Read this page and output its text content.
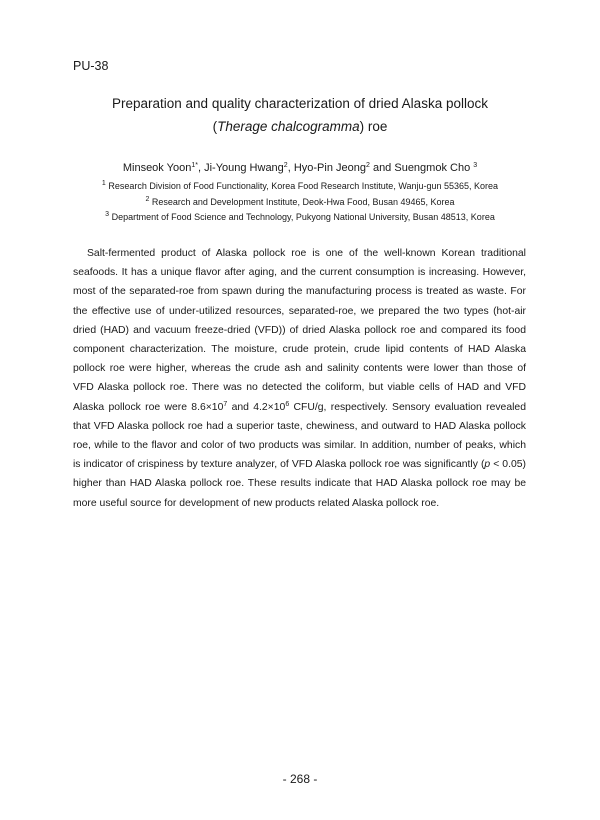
PU-38
Preparation and quality characterization of dried Alaska pollock
(Therage chalcogramma) roe
Minseok Yoon$^{1*}$, Ji-Young Hwang$^2$, Hyo-Pin Jeong$^2$ and Suengmok Cho $^3$
$^1$ Research Division of Food Functionality, Korea Food Research Institute, Wanju-gun 55365, Korea
$^2$ Research and Development Institute, Deok-Hwa Food, Busan 49465, Korea
$^3$ Department of Food Science and Technology, Pukyong National University, Busan 48513, Korea

Salt-fermented product of Alaska pollock roe is one of the well-known Korean traditional seafoods. It has a unique flavor after aging, and the current consumption is increasing. However, most of the separated-roe from spawn during the manufacturing process is treated as waste. For the effective use of under-utilized resources, separated-roe, we prepared the two types (hot-air dried (HAD) and vacuum freeze-dried (VFD)) of dried Alaska pollock roe and compared its food component characterization. The moisture, crude protein, crude lipid contents of HAD Alaska pollock roe were higher, whereas the crude ash and salinity contents were lower than those of VFD Alaska pollock roe. There was no detected the coliform, but viable cells of HAD and VFD Alaska pollock roe were $8.6\times 10^7$ and $4.2\times 10^6$ CFU/g, respectively. Sensory evaluation revealed that VFD Alaska pollock roe had a superior taste, chewiness, and outward to HAD Alaska pollock roe, while to the flavor and color of two products was similar. In addition, number of peaks, which is indicator of crispiness by texture analyzer, of VFD Alaska pollock roe was significantly (p < 0.05) higher than HAD Alaska pollock roe. These results indicate that HAD Alaska pollock roe may be more useful source for development of new products related Alaska pollock roe.

- 268 -
